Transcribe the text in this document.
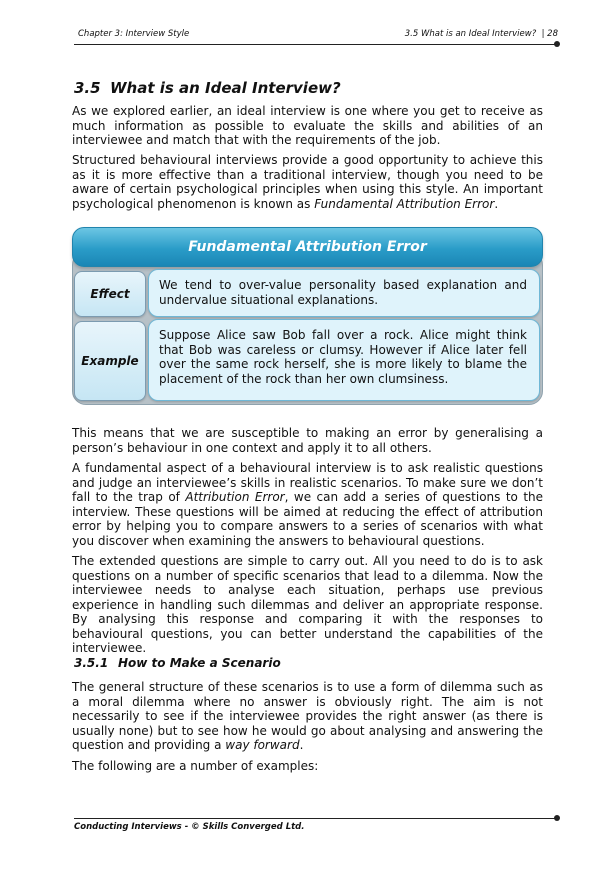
Chapter 3: Interview Style	3.5 What is an Ideal Interview? | 28
3.5 What is an Ideal Interview?

As we explored earlier, an ideal interview is one where you get to receive as much information as possible to evaluate the skills and abilities of an interviewee and match that with the requirements of the job.

Structured behavioural interviews provide a good opportunity to achieve this as it is more effective than a traditional interview, though you need to be aware of certain psychological principles when using this style. An important psychological phenomenon is known as Fundamental Attribution Error.

Fundamental Attribution Error
Effect
We tend to over-value personality based explanation and undervalue situational explanations.
Example
Suppose Alice saw Bob fall over a rock. Alice might think that Bob was careless or clumsy. However if Alice later fell over the same rock herself, she is more likely to blame the placement of the rock than her own clumsiness.

This means that we are susceptible to making an error by generalising a person’s behaviour in one context and apply it to all others.

A fundamental aspect of a behavioural interview is to ask realistic questions and judge an interviewee’s skills in realistic scenarios. To make sure we don’t fall to the trap of Attribution Error, we can add a series of questions to the interview. These questions will be aimed at reducing the effect of attribution error by helping you to compare answers to a series of scenarios with what you discover when examining the answers to behavioural questions.

The extended questions are simple to carry out. All you need to do is to ask questions on a number of specific scenarios that lead to a dilemma. Now the interviewee needs to analyse each situation, perhaps use previous experience in handling such dilemmas and deliver an appropriate response. By analysing this response and comparing it with the responses to behavioural questions, you can better understand the capabilities of the interviewee.

3.5.1 How to Make a Scenario

The general structure of these scenarios is to use a form of dilemma such as a moral dilemma where no answer is obviously right. The aim is not necessarily to see if the interviewee provides the right answer (as there is usually none) but to see how he would go about analysing and answering the question and providing a way forward.

The following are a number of examples:

Conducting Interviews - © Skills Converged Ltd.
